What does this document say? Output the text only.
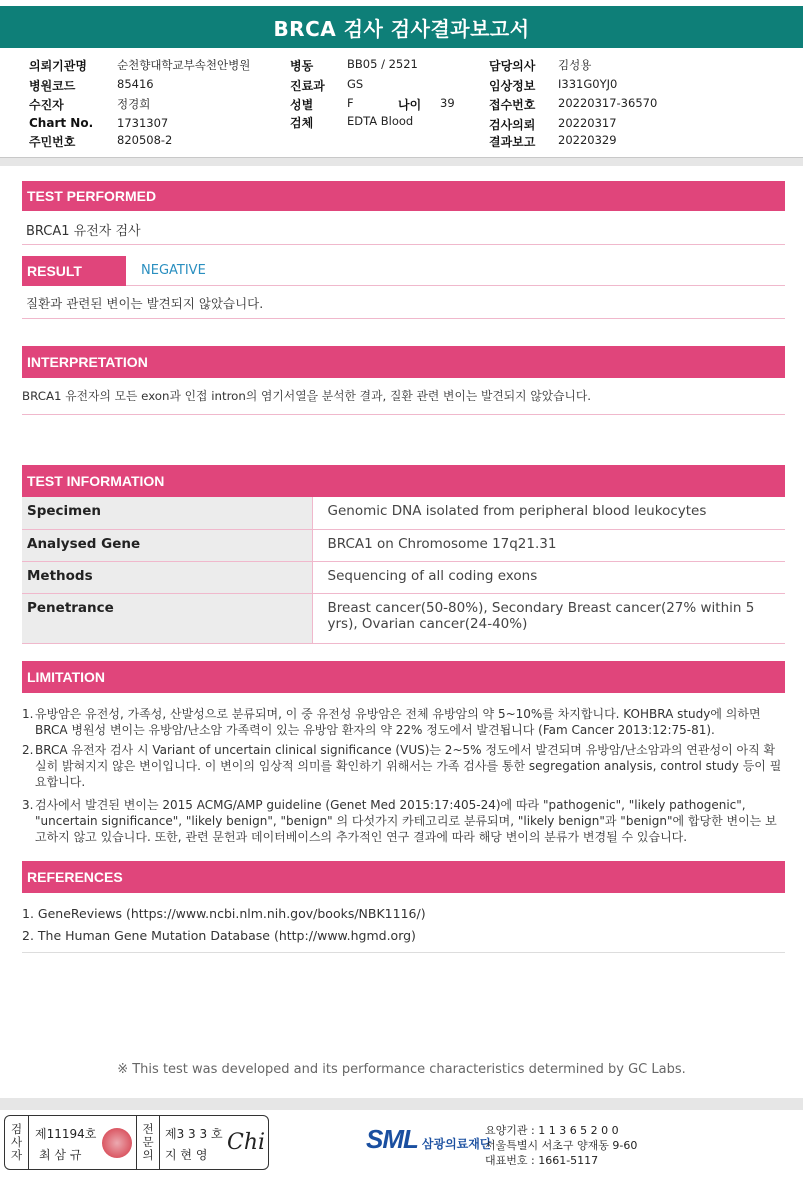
BRCA 검사 검사결과보고서
의뢰기관명	순천향대학교부속천안병원
병원코드	85416
수진자	정경희
Chart No. 1731307
주민번호	820508-2
병동	BB05 / 2521
진료과 GS
성별	F	나이 39
검체	EDTA Blood
담당의사 김성용
임상정보 I331G0YJ0
접수번호 20220317-36570
검사의뢰 20220317
결과보고 20220329
TEST PERFORMED
BRCA1 유전자 검사
RESULT	NEGATIVE
질환과 관련된 변이는 발견되지 않았습니다.
INTERPRETATION
BRCA1 유전자의 모든 exon과 인접 intron의 염기서열을 분석한 결과, 질환 관련 변이는 발견되지 않았습니다.
TEST INFORMATION
Specimen	Genomic DNA isolated from peripheral blood leukocytes
Analysed Gene	BRCA1 on Chromosome 17q21.31
Methods	Sequencing of all coding exons
Penetrance	Breast cancer(50-80%), Secondary Breast cancer(27% within 5 yrs), Ovarian cancer(24-40%)
LIMITATION
1. 유방암은 유전성, 가족성, 산발성으로 분류되며, 이 중 유전성 유방암은 전체 유방암의 약 5~10%를 차지합니다. KOHBRA study에 의하면 BRCA 병원성 변이는 유방암/난소암 가족력이 있는 유방암 환자의 약 22% 정도에서 발견됩니다 (Fam Cancer 2013:12:75-81).
2. BRCA 유전자 검사 시 Variant of uncertain clinical significance (VUS)는 2~5% 정도에서 발견되며 유방암/난소암과의 연관성이 아직 확실히 밝혀지지 않은 변이입니다. 이 변이의 임상적 의미를 확인하기 위해서는 가족 검사를 통한 segregation analysis, control study 등이 필요합니다.
3. 검사에서 발견된 변이는 2015 ACMG/AMP guideline (Genet Med 2015:17:405-24)에 따라 "pathogenic", "likely pathogenic", "uncertain significance", "likely benign", "benign" 의 다섯가지 카테고리로 분류되며, "likely benign"과 "benign"에 합당한 변이는 보고하지 않고 있습니다. 또한, 관련 문헌과 데이터베이스의 추가적인 연구 결과에 따라 해당 변이의 분류가 변경될 수 있습니다.
REFERENCES
1. GeneReviews (https://www.ncbi.nlm.nih.gov/books/NBK1116/)
2. The Human Gene Mutation Database (http://www.hgmd.org)
※ This test was developed and its performance characteristics determined by GC Labs.
검
사
자
제11194호
최 삼 규
전
문
의
제3 3 3 호
지 현 영 Chi	SML 삼광의료재단
요양기관 : 1 1 3 6 5 2 0 0
서울특별시 서초구 양재동 9-60
대표번호 : 1661-5117
